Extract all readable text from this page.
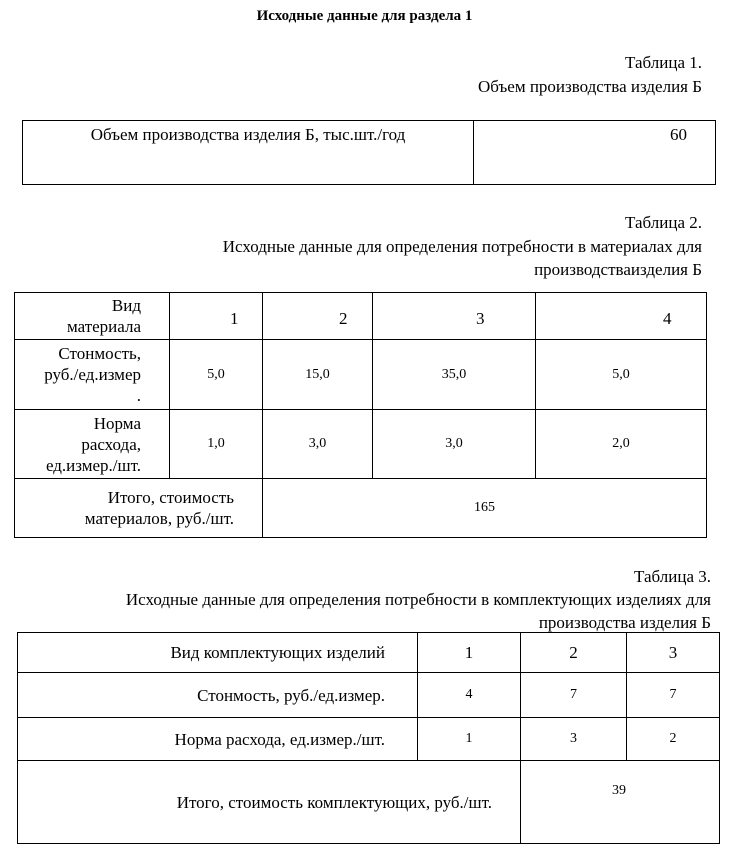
Исходные данные для раздела 1
Таблица 1.
Объем производства изделия Б
Объем производства изделия Б, тыс.шт./год	60
Таблица 2.
Исходные данные для определения потребности в материалах для
производстваизделия Б
Вид
материала	1	2	3	4

Стонмость,
руб./ед.измер
.	5,0	15,0	35,0	5,0

Норма
расхода,
ед.измер./шт.	1,0	3,0	3,0	2,0

Итого, стоимость
материалов, руб./шт.		165		
Таблица 3.
Исходные данные для определения потребности в комплектующих изделиях для
производства изделия Б
Вид комплектующих изделий	1	2	3
Стонмость, руб./ед.измер.	4	7	7
Норма расхода, ед.измер./шт.	1	3	2
Итого, стоимость комплектующих, руб./шт.		39	
